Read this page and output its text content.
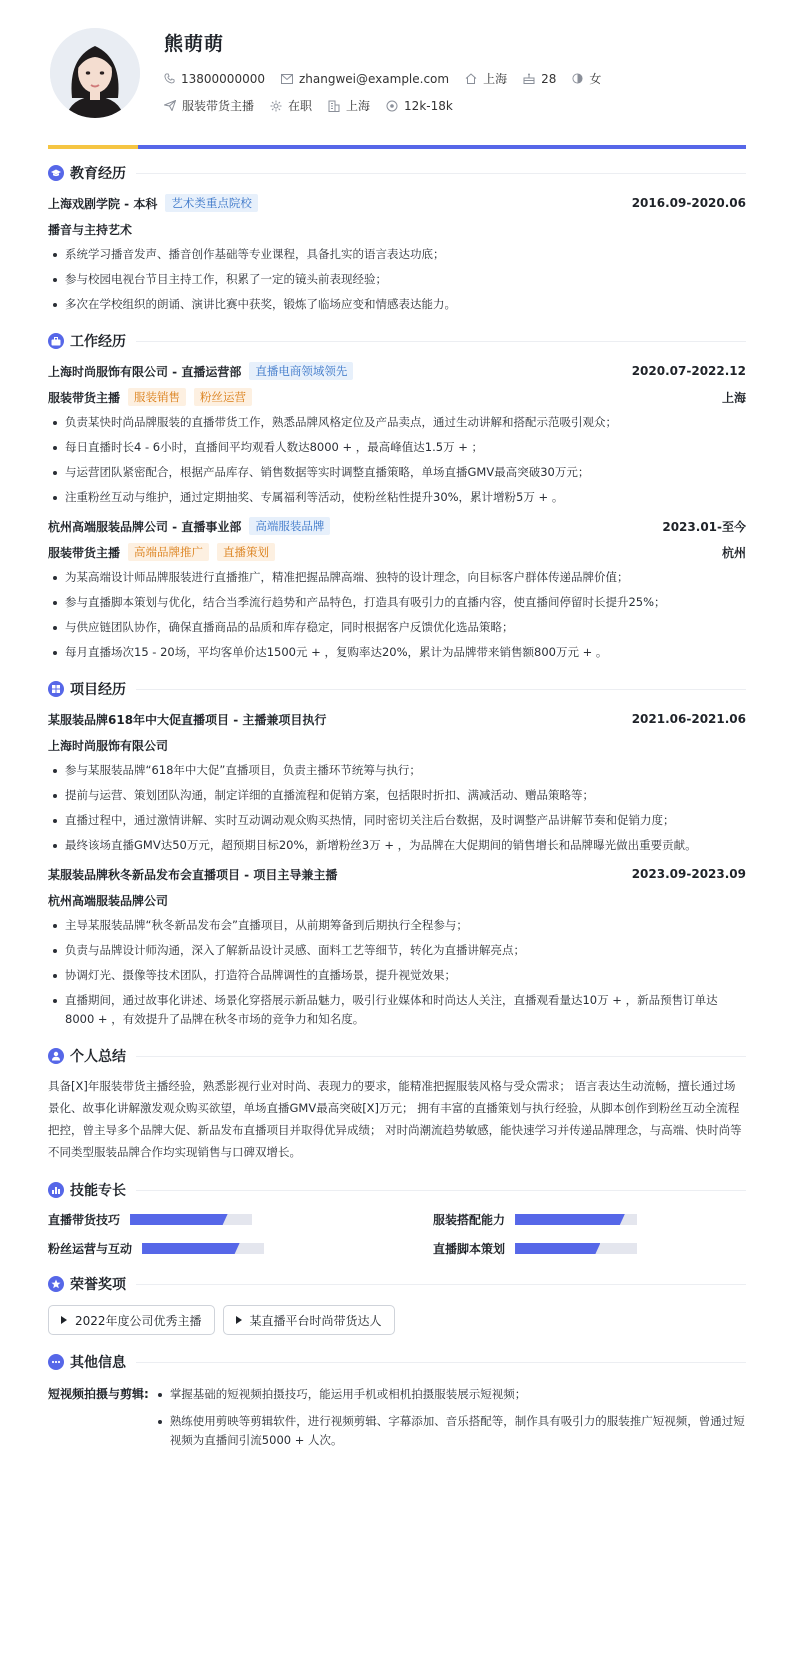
熊萌萌
13800000000	zhangwei@example.com	上海	28	女
服装带货主播	在职	上海	12k-18k
教育经历
上海戏剧学院 - 本科	艺术类重点院校	2016.09-2020.06
播音与主持艺术
系统学习播音发声、播音创作基础等专业课程，具备扎实的语言表达功底；
参与校园电视台节目主持工作，积累了一定的镜头前表现经验；
多次在学校组织的朗诵、演讲比赛中获奖，锻炼了临场应变和情感表达能力。
工作经历
上海时尚服饰有限公司 - 直播运营部	直播电商领域领先	2020.07-2022.12
服装带货主播	服装销售	粉丝运营	上海
负责某快时尚品牌服装的直播带货工作，熟悉品牌风格定位及产品卖点，通过生动讲解和搭配示范吸引观众；
每日直播时长4 - 6小时，直播间平均观看人数达8000 + ，最高峰值达1.5万 + ；
与运营团队紧密配合，根据产品库存、销售数据等实时调整直播策略，单场直播GMV最高突破30万元；
注重粉丝互动与维护，通过定期抽奖、专属福利等活动，使粉丝粘性提升30%，累计增粉5万 + 。
杭州高端服装品牌公司 - 直播事业部	高端服装品牌	2023.01-至今
服装带货主播	高端品牌推广	直播策划	杭州
为某高端设计师品牌服装进行直播推广，精准把握品牌高端、独特的设计理念，向目标客户群体传递品牌价值；
参与直播脚本策划与优化，结合当季流行趋势和产品特色，打造具有吸引力的直播内容，使直播间停留时长提升25%；
与供应链团队协作，确保直播商品的品质和库存稳定，同时根据客户反馈优化选品策略；
每月直播场次15 - 20场，平均客单价达1500元 + ，复购率达20%，累计为品牌带来销售额800万元 + 。
项目经历
某服装品牌618年中大促直播项目 - 主播兼项目执行	2021.06-2021.06
上海时尚服饰有限公司
参与某服装品牌“618年中大促”直播项目，负责主播环节统筹与执行；
提前与运营、策划团队沟通，制定详细的直播流程和促销方案，包括限时折扣、满减活动、赠品策略等；
直播过程中，通过激情讲解、实时互动调动观众购买热情，同时密切关注后台数据，及时调整产品讲解节奏和促销力度；
最终该场直播GMV达50万元，超预期目标20%，新增粉丝3万 + ，为品牌在大促期间的销售增长和品牌曝光做出重要贡献。
某服装品牌秋冬新品发布会直播项目 - 项目主导兼主播	2023.09-2023.09
杭州高端服装品牌公司
主导某服装品牌“秋冬新品发布会”直播项目，从前期筹备到后期执行全程参与；
负责与品牌设计师沟通，深入了解新品设计灵感、面料工艺等细节，转化为直播讲解亮点；
协调灯光、摄像等技术团队，打造符合品牌调性的直播场景，提升视觉效果；
直播期间，通过故事化讲述、场景化穿搭展示新品魅力，吸引行业媒体和时尚达人关注，直播观看量达10万 + ，新品预售订单达8000 + ，有效提升了品牌在秋冬市场的竞争力和知名度。
个人总结

具备[X]年服装带货主播经验，熟悉影视行业对时尚、表现力的要求，能精准把握服装风格与受众需求； 语言表达生动流畅，擅长通过场景化、故事化讲解激发观众购买欲望，单场直播GMV最高突破[X]万元； 拥有丰富的直播策划与执行经验，从脚本创作到粉丝互动全流程把控，曾主导多个品牌大促、新品发布直播项目并取得优异成绩； 对时尚潮流趋势敏感，能快速学习并传递品牌理念，与高端、快时尚等不同类型服装品牌合作均实现销售与口碑双增长。

技能专长
直播带货技巧	服装搭配能力
粉丝运营与互动	直播脚本策划
荣誉奖项
2022年度公司优秀主播	某直播平台时尚带货达人
其他信息
短视频拍摄与剪辑:	掌握基础的短视频拍摄技巧，能运用手机或相机拍摄服装展示短视频；
熟练使用剪映等剪辑软件，进行视频剪辑、字幕添加、音乐搭配等，制作具有吸引力的服装推广短视频，曾通过短视频为直播间引流5000 + 人次。
